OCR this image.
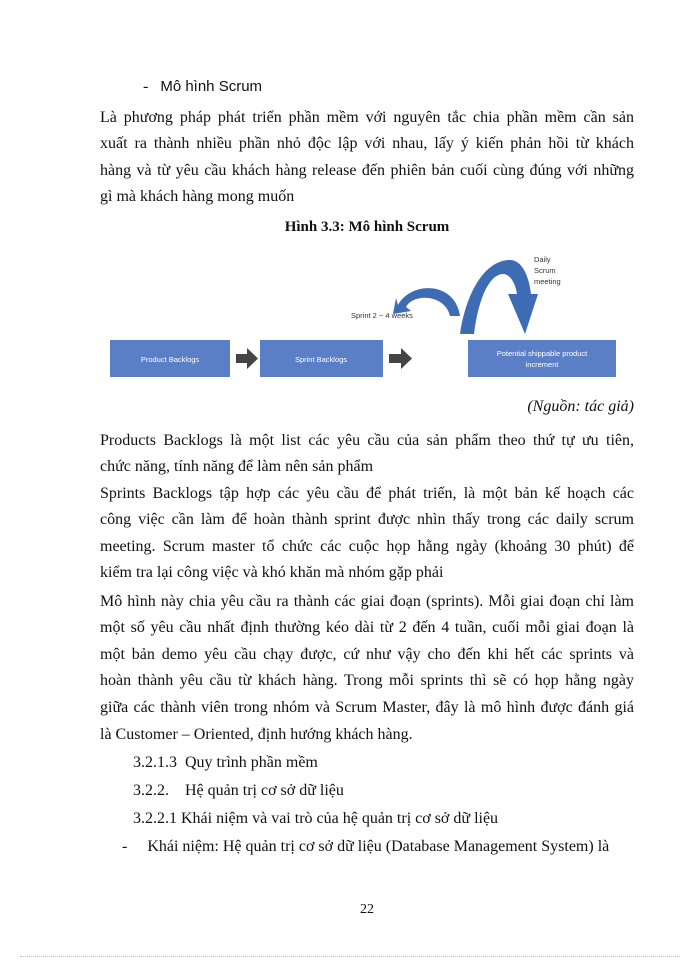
- Mô hình Scrum

Là phương pháp phát triển phần mềm với nguyên tắc chia phần mềm cần sản

xuất ra thành nhiều phần nhỏ độc lập với nhau, lấy ý kiến phản hồi từ khách

hàng và từ yêu cầu khách hàng release đến phiên bản cuối cùng đúng với những

gì mà khách hàng mong muốn

Hình 3.3: Mô hình Scrum
Product Backlogs	Sprint Backlogs
Potential shippable product
increment
Sprint 2 ~ 4 weeks
Daily
Scrum
meeting
(Nguồn: tác giả)

Products Backlogs là một list các yêu cầu của sản phẩm theo thứ tự ưu tiên,

chức năng, tính năng để làm nên sản phẩm

Sprints Backlogs tập hợp các yêu cầu để phát triển, là một bản kế hoạch các

công việc cần làm để hoàn thành sprint được nhìn thấy trong các daily scrum

meeting. Scrum master tổ chức các cuộc họp hằng ngày (khoảng 30 phút) để

kiểm tra lại công việc và khó khăn mà nhóm gặp phải

Mô hình này chia yêu cầu ra thành các giai đoạn (sprints). Mỗi giai đoạn chỉ làm

một số yêu cầu nhất định thường kéo dài từ 2 đến 4 tuần, cuối mỗi giai đoạn là

một bản demo yêu cầu chạy được, cứ như vậy cho đến khi hết các sprints và

hoàn thành yêu cầu từ khách hàng. Trong mỗi sprints thì sẽ có họp hằng ngày

giữa các thành viên trong nhóm và Scrum Master, đây là mô hình được đánh giá

là Customer – Oriented, định hướng khách hàng.

3.2.1.3 Quy trình phần mềm
3.2.2. Hệ quản trị cơ sở dữ liệu
3.2.2.1 Khái niệm và vai trò của hệ quản trị cơ sở dữ liệu
- Khái niệm: Hệ quản trị cơ sở dữ liệu (Database Management System) là
22
